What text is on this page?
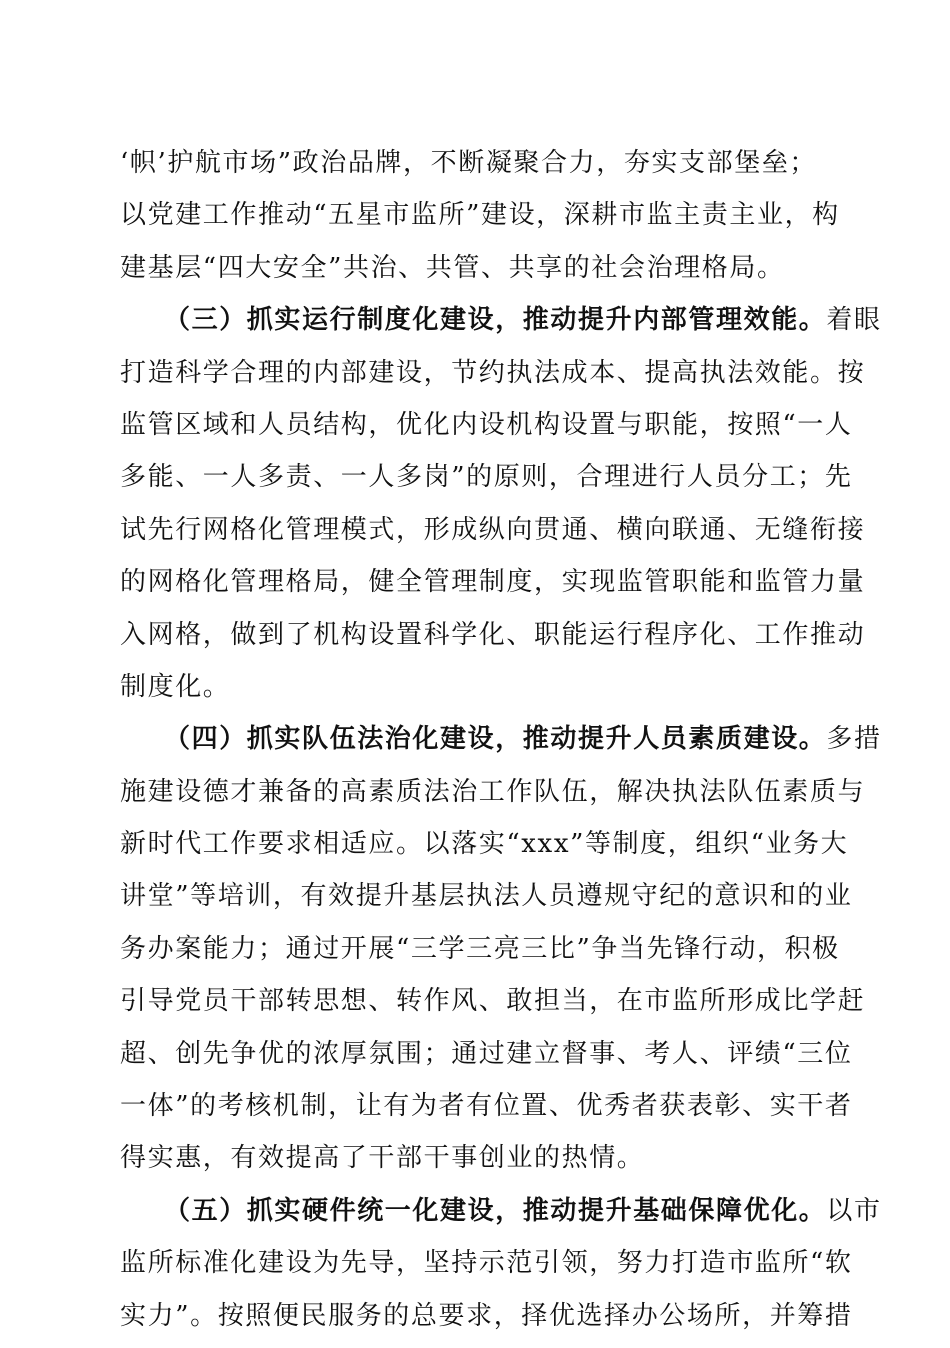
‘帜’护航市场”政治品牌，不断凝聚合力，夯实支部堡垒；
以党建工作推动“五星市监所”建设，深耕市监主责主业，构
建基层“四大安全”共治、共管、共享的社会治理格局。
（三）抓实运行制度化建设，推动提升内部管理效能。着眼
打造科学合理的内部建设，节约执法成本、提高执法效能。按
监管区域和人员结构，优化内设机构设置与职能，按照“一人
多能、一人多责、一人多岗”的原则，合理进行人员分工；先
试先行网格化管理模式，形成纵向贯通、横向联通、无缝衔接
的网格化管理格局，健全管理制度，实现监管职能和监管力量
入网格，做到了机构设置科学化、职能运行程序化、工作推动
制度化。
（四）抓实队伍法治化建设，推动提升人员素质建设。多措
施建设德才兼备的高素质法治工作队伍，解决执法队伍素质与
新时代工作要求相适应。以落实“xxx”等制度，组织“业务大
讲堂”等培训，有效提升基层执法人员遵规守纪的意识和的业
务办案能力；通过开展“三学三亮三比”争当先锋行动，积极
引导党员干部转思想、转作风、敢担当，在市监所形成比学赶
超、创先争优的浓厚氛围；通过建立督事、考人、评绩“三位
一体”的考核机制，让有为者有位置、优秀者获表彰、实干者
得实惠，有效提高了干部干事创业的热情。
（五）抓实硬件统一化建设，推动提升基础保障优化。以市
监所标准化建设为先导，坚持示范引领，努力打造市监所“软
实力”。按照便民服务的总要求，择优选择办公场所，并筹措
